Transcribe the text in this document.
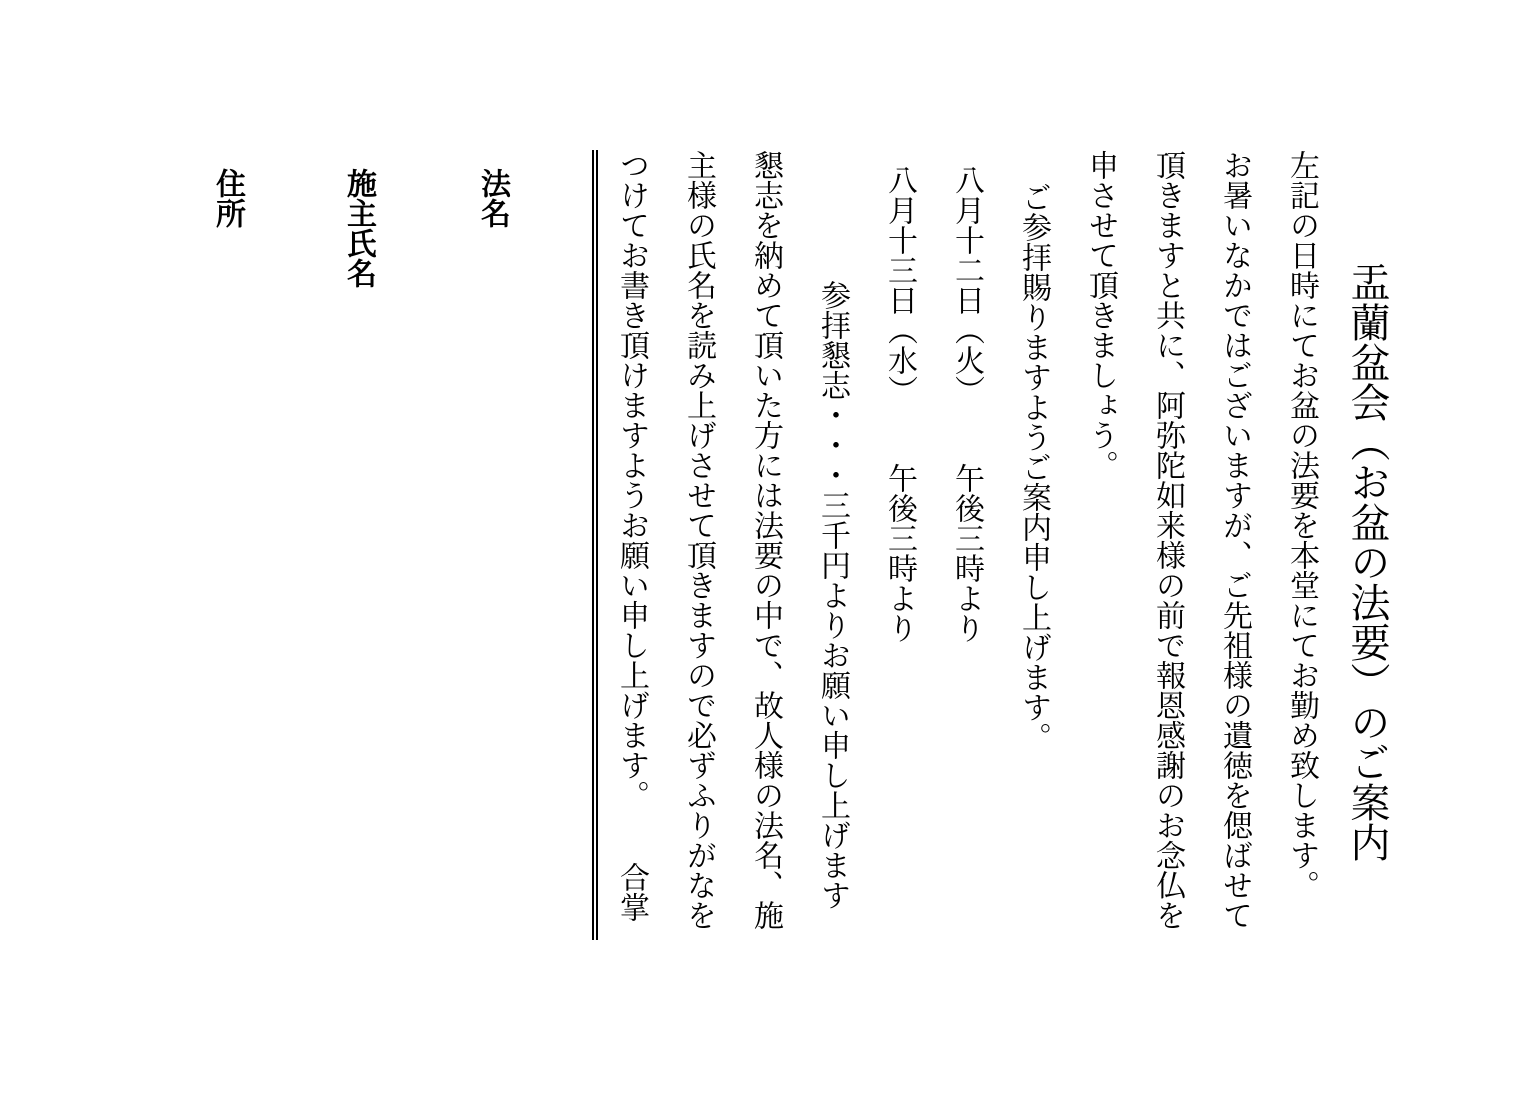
盂蘭盆会（お盆の法要）のご案内

左記の日時にてお盆の法要を本堂にてお勤め致します。

お暑いなかではございますが、ご先祖様の遺徳を偲ばせて

頂きますと共に、阿弥陀如来様の前で報恩感謝のお念仏を

申させて頂きましょう。

ご参拝賜りますようご案内申し上げます。

八月十二日（火）午後三時より

八月十三日（水）午後三時より

参拝懇志・・・三千円よりお願い申し上げます

懇志を納めて頂いた方には法要の中で、故人様の法名、施

主様の氏名を読み上げさせて頂きますので必ずふりがなを

つけてお書き頂けますようお願い申し上げます。合掌

法名

施主氏名

住所
